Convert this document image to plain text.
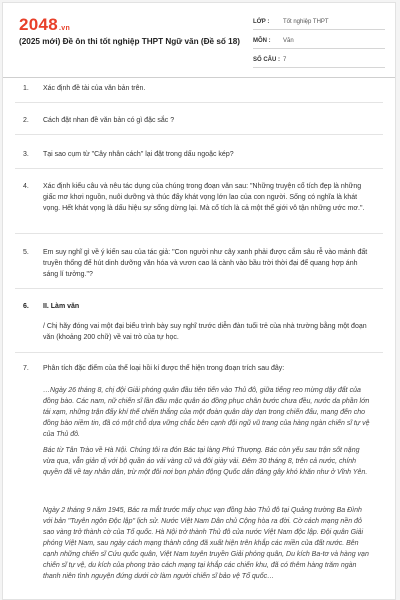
2048.vn
(2025 mới) Đề ôn thi tốt nghiệp THPT Ngữ văn (Đề số 18)
LỚP :	Tốt nghiệp THPT
MÔN :	Văn
SỐ CÂU : 7
1. Xác định đề tài của văn bản trên.
2. Cách đặt nhan đề văn bản có gì đặc sắc ?
3. Tại sao cụm từ "Cây nhân cách" lại đặt trong dấu ngoặc kép?
4. Xác định kiểu câu và nêu tác dụng của chúng trong đoạn văn sau: "Những truyện cổ tích đẹp là những giấc mơ khơi nguồn, nuôi dưỡng và thúc đẩy khát vọng lớn lao của con người. Sống có nghĩa là khát vọng. Hết khát vọng là dấu hiệu sự sống dừng lại. Mà cổ tích là cả một thế giới vô tận những ước mơ.".
5. Em suy nghĩ gì về ý kiến sau của tác giả: "Con người như cây xanh phải được cắm sâu rễ vào mảnh đất truyền thống để hút dinh dưỡng văn hóa và vươn cao lá cành vào bầu trời thời đại để quang hợp ánh sáng lí tưởng."?
6. II. Làm văn
/ Chị hãy đóng vai một đại biểu trình bày suy nghĩ trước diễn đàn tuổi trẻ của nhà trường bằng một đoạn văn (khoảng 200 chữ) về vai trò của tự học.
7. Phân tích đặc điểm của thể loại hồi kí được thể hiện trong đoạn trích sau đây:
…Ngày 26 tháng 8, chị đội Giải phóng quân đầu tiên tiến vào Thủ đô, giữa tiếng reo mừng dậy đất của đồng bào. Các nam, nữ chiến sĩ lần đầu mặc quân áo đồng phục chân bước chưa đều, nước da phần lớn tái xạm, những trận đấy khí thế chiến thắng của một đoàn quân dày dạn trong chiến đấu, mang đến cho đồng bào niềm tin, đã có một chỗ dựa vững chắc bên cạnh đội ngũ vũ trang của hàng ngàn chiến sĩ tự vệ của Thủ đô.
Bác từ Tân Trào về Hà Nội. Chúng tôi ra đón Bác tại làng Phú Thượng. Bác còn yếu sau trận sốt nặng vừa qua, vẫn giản dị với bộ quần áo vải vàng cũ và đôi giày vải. Đêm 30 tháng 8, trên cả nước, chính quyền đã về tay nhân dân, trừ một đôi nơi bọn phản động Quốc dân đảng gây khó khăn như ở Vĩnh Yên.
Ngày 2 tháng 9 năm 1945, Bác ra mắt trước mấy chục vạn đồng bào Thủ đô tại Quảng trường Ba Đình với bản "Tuyên ngôn Độc lập" lịch sử. Nước Việt Nam Dân chủ Cộng hòa ra đời. Cờ cách mạng nền đỏ sao vàng trở thành cờ của Tổ quốc. Hà Nội trở thành Thủ đô của nước Việt Nam độc lập. Đội quân Giải phóng Việt Nam, sau ngày cách mạng thành công đã xuất hiện trên khắp các miền của đất nước. Bên cạnh những chiến sĩ Cứu quốc quân, Việt Nam tuyên truyền Giải phóng quân, Du kích Ba-tơ và hàng vạn chiến sĩ tự vệ, du kích của phong trào cách mạng tại khắp các chiến khu, đã có thêm hàng trăm ngàn thanh niên tình nguyện đứng dưới cờ làm người chiến sĩ bảo vệ Tổ quốc…
